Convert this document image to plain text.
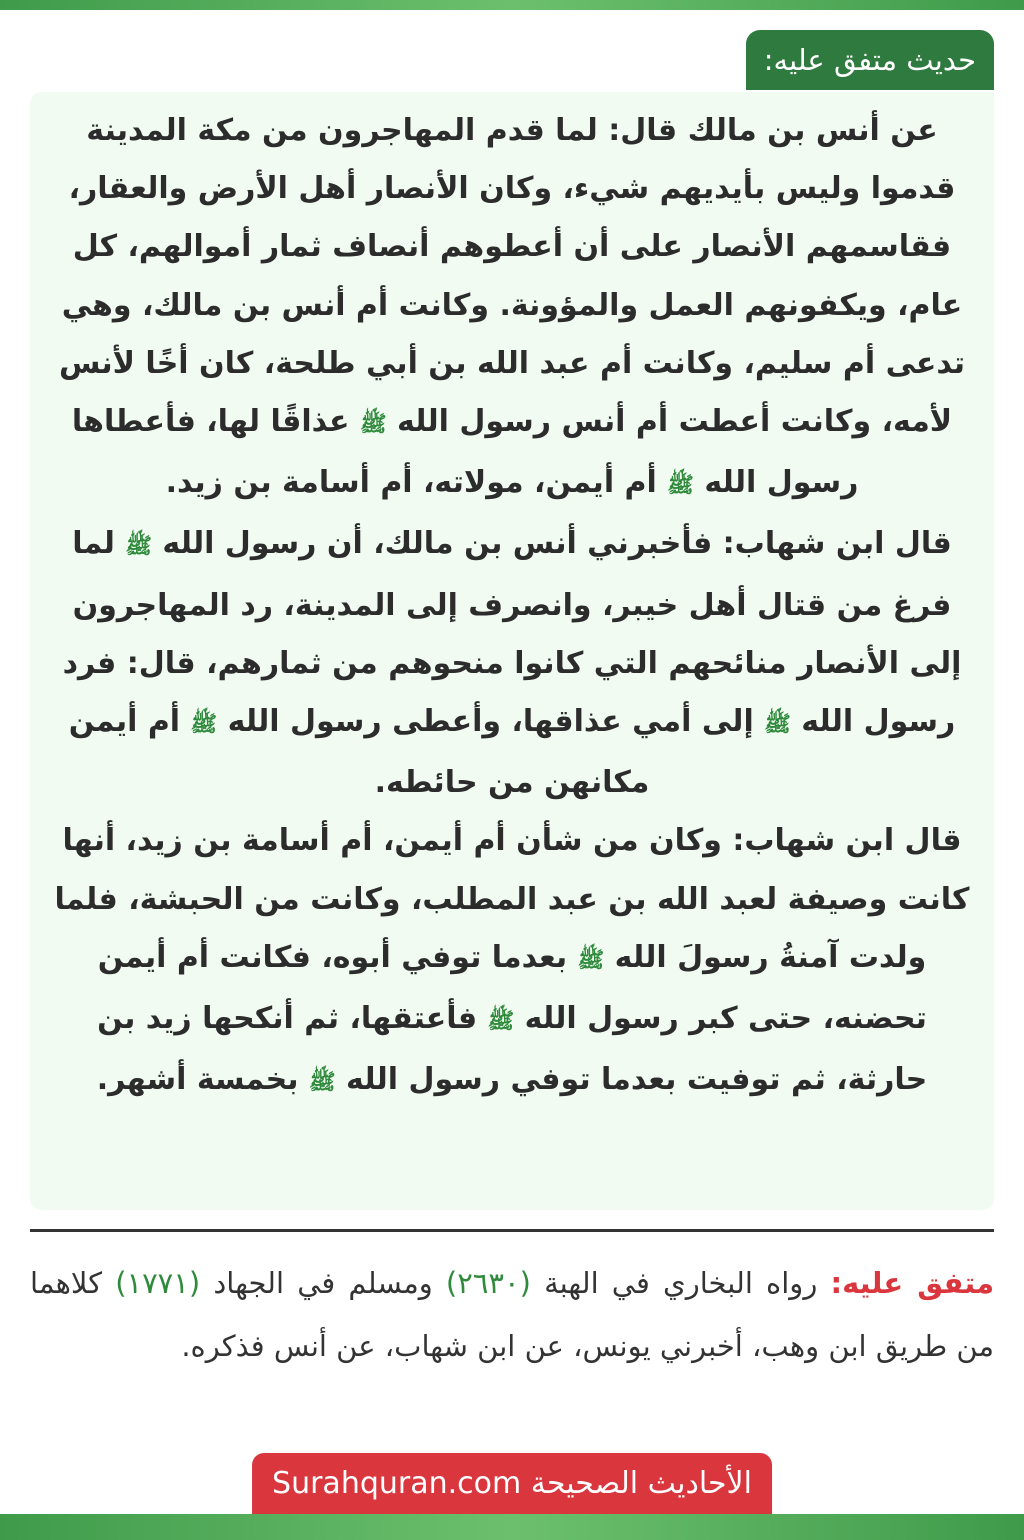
حديث متفق عليه:

عن أنس بن مالك قال: لما قدم المهاجرون من مكة المدينة قدموا وليس بأيديهم شيء، وكان الأنصار أهل الأرض والعقار، فقاسمهم الأنصار على أن أعطوهم أنصاف ثمار أموالهم، كل عام، ويكفونهم العمل والمؤونة. وكانت أم أنس بن مالك، وهي تدعى أم سليم، وكانت أم عبد الله بن أبي طلحة، كان أخًا لأنس لأمه، وكانت أعطت أم أنس رسول الله ﷺ عذاقًا لها، فأعطاها رسول الله ﷺ أم أيمن، مولاته، أم أسامة بن زيد.
قال ابن شهاب: فأخبرني أنس بن مالك، أن رسول الله ﷺ لما فرغ من قتال أهل خيبر، وانصرف إلى المدينة، رد المهاجرون إلى الأنصار منائحهم التي كانوا منحوهم من ثمارهم، قال: فرد رسول الله ﷺ إلى أمي عذاقها، وأعطى رسول الله ﷺ أم أيمن مكانهن من حائطه.
قال ابن شهاب: وكان من شأن أم أيمن، أم أسامة بن زيد، أنها كانت وصيفة لعبد الله بن عبد المطلب، وكانت من الحبشة، فلما ولدت آمنةُ رسولَ الله ﷺ بعدما توفي أبوه، فكانت أم أيمن تحضنه، حتى كبر رسول الله ﷺ فأعتقها، ثم أنكحها زيد بن حارثة، ثم توفيت بعدما توفي رسول الله ﷺ بخمسة أشهر.

متفق عليه: رواه البخاري في الهبة (٢٦٣٠) ومسلم في الجهاد (١٧٧١) كلاهما من طريق ابن وهب، أخبرني يونس، عن ابن شهاب، عن أنس فذكره.

الأحاديث الصحيحة Surahquran.com
